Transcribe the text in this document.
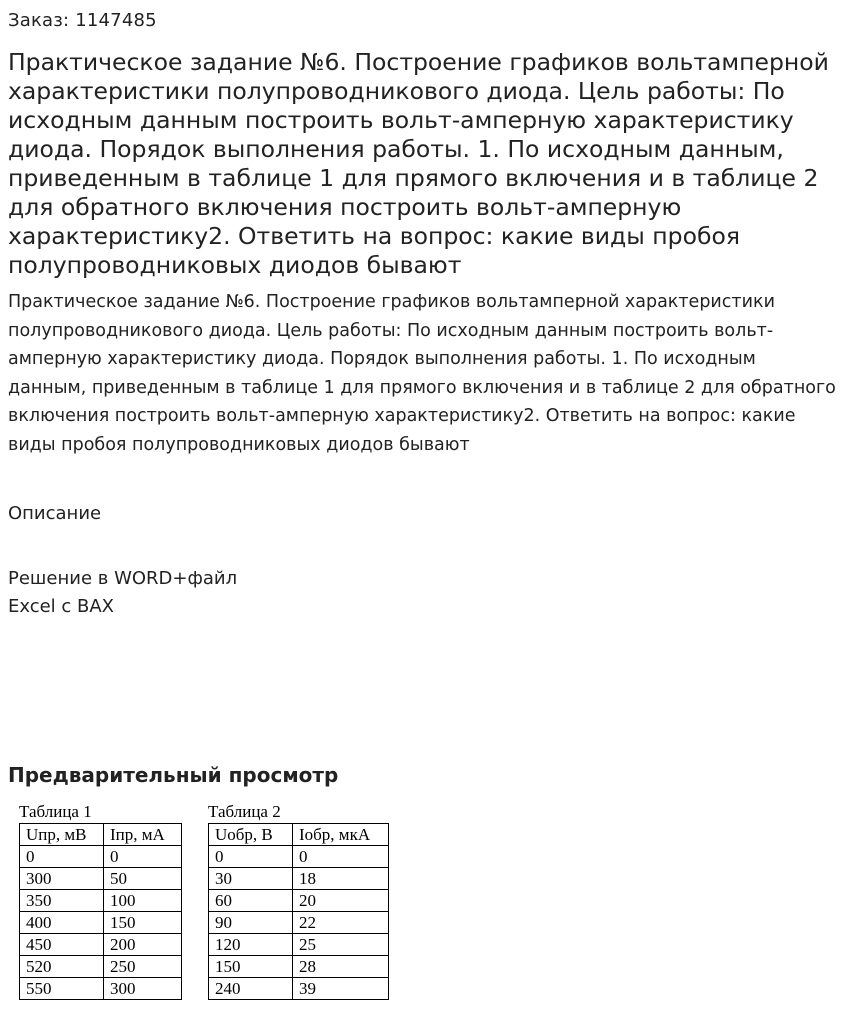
Заказ: 1147485
Практическое задание №6. Построение графиков вольтамперной характеристики полупроводникового диода. Цель работы: По исходным данным построить вольт-амперную характеристику диода. Порядок выполнения работы. 1. По исходным данным, приведенным в таблице 1 для прямого включения и в таблице 2 для обратного включения построить вольт-амперную характеристику2. Ответить на вопрос: какие виды пробоя полупроводниковых диодов бывают

Практическое задание №6. Построение графиков вольтамперной характеристики полупроводникового диода. Цель работы: По исходным данным построить вольт-амперную характеристику диода. Порядок выполнения работы. 1. По исходным данным, приведенным в таблице 1 для прямого включения и в таблице 2 для обратного включения построить вольт-амперную характеристику2. Ответить на вопрос: какие виды пробоя полупроводниковых диодов бывают

Описание
Решение в WORD+файл
Excel с ВАХ
Предварительный просмотр
Таблица 1
Uпр, мВ	Iпр, мА
0	0
300	50
350	100
400	150
450	200
520	250
550	300
Таблица 2
Uобр, В	Iобр, мкА
0	0
30	18
60	20
90	22
120	25
150	28
240	39
